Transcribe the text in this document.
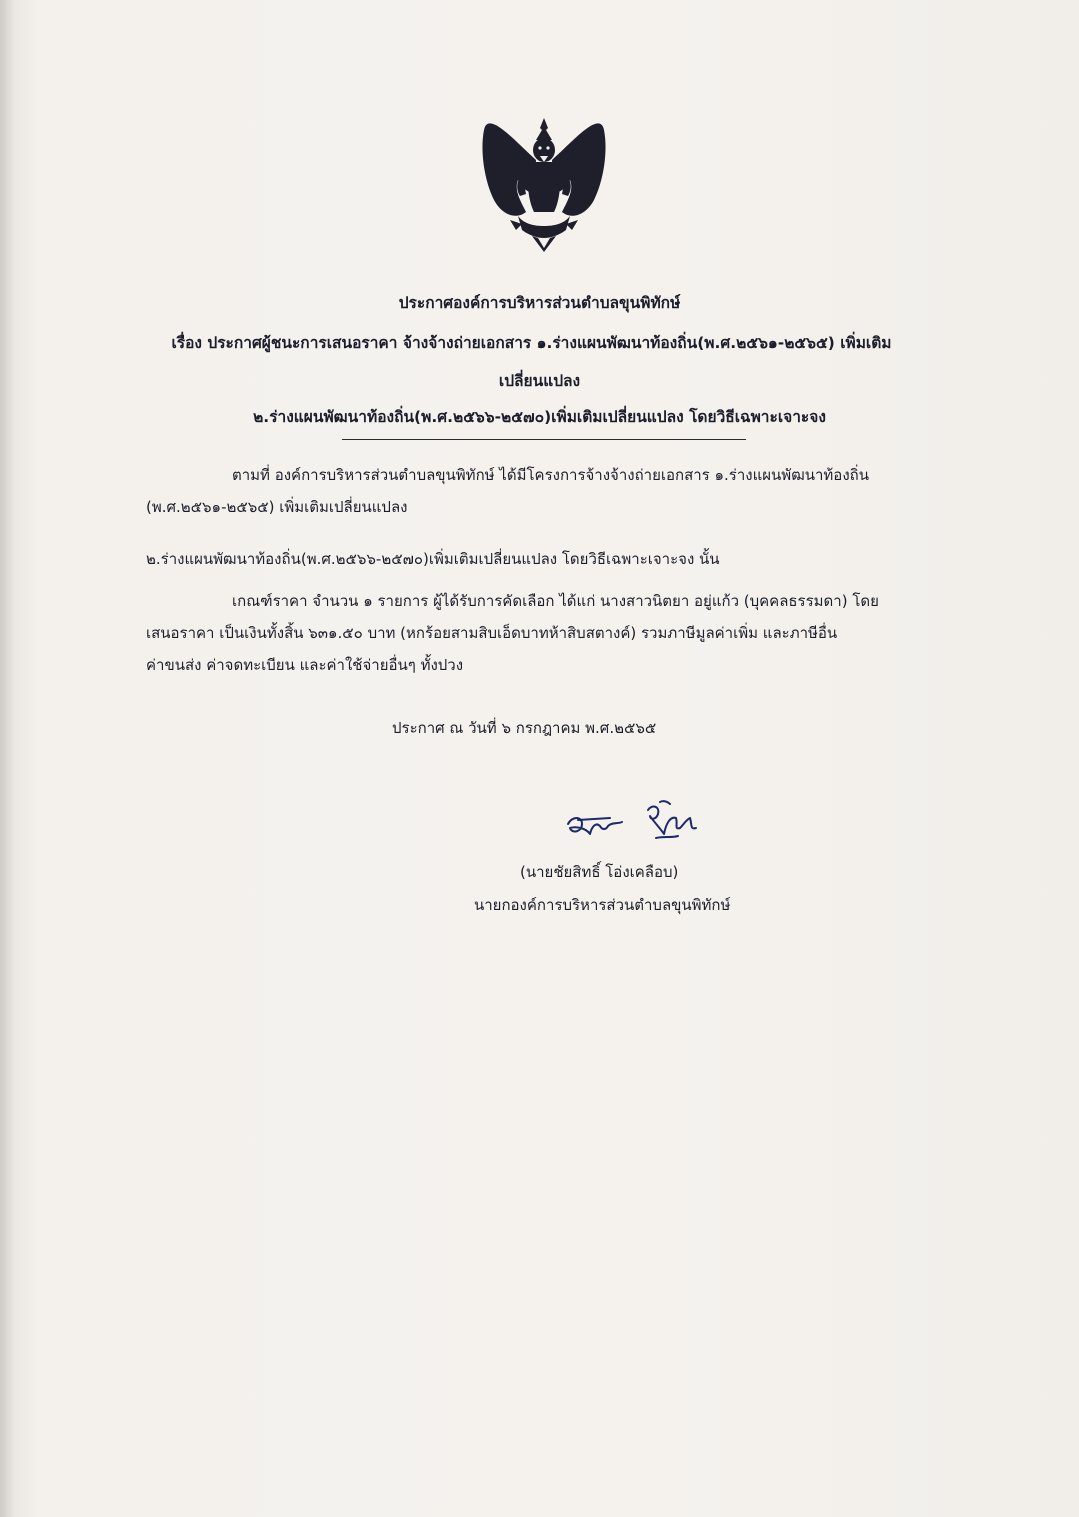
ประกาศองค์การบริหารส่วนตำบลขุนพิทักษ์
เรื่อง ประกาศผู้ชนะการเสนอราคา จ้างจ้างถ่ายเอกสาร ๑.ร่างแผนพัฒนาท้องถิ่น(พ.ศ.๒๕๖๑-๒๕๖๕) เพิ่มเติม
เปลี่ยนแปลง
๒.ร่างแผนพัฒนาท้องถิ่น(พ.ศ.๒๕๖๖-๒๕๗๐)เพิ่มเติมเปลี่ยนแปลง โดยวิธีเฉพาะเจาะจง
ตามที่ องค์การบริหารส่วนตำบลขุนพิทักษ์ ได้มีโครงการจ้างจ้างถ่ายเอกสาร ๑.ร่างแผนพัฒนาท้องถิ่น
(พ.ศ.๒๕๖๑-๒๕๖๕) เพิ่มเติมเปลี่ยนแปลง
๒.ร่างแผนพัฒนาท้องถิ่น(พ.ศ.๒๕๖๖-๒๕๗๐)เพิ่มเติมเปลี่ยนแปลง โดยวิธีเฉพาะเจาะจง นั้น
เกณฑ์ราคา จำนวน ๑ รายการ ผู้ได้รับการคัดเลือก ได้แก่ นางสาวนิตยา อยู่แก้ว (บุคคลธรรมดา) โดย
เสนอราคา เป็นเงินทั้งสิ้น ๖๓๑.๕๐ บาท (หกร้อยสามสิบเอ็ดบาทห้าสิบสตางค์) รวมภาษีมูลค่าเพิ่ม และภาษีอื่น
ค่าขนส่ง ค่าจดทะเบียน และค่าใช้จ่ายอื่นๆ ทั้งปวง
ประกาศ ณ วันที่ ๖ กรกฎาคม พ.ศ.๒๕๖๕
(นายชัยสิทธิ์ โอ่งเคลือบ)
นายกองค์การบริหารส่วนตำบลขุนพิทักษ์
